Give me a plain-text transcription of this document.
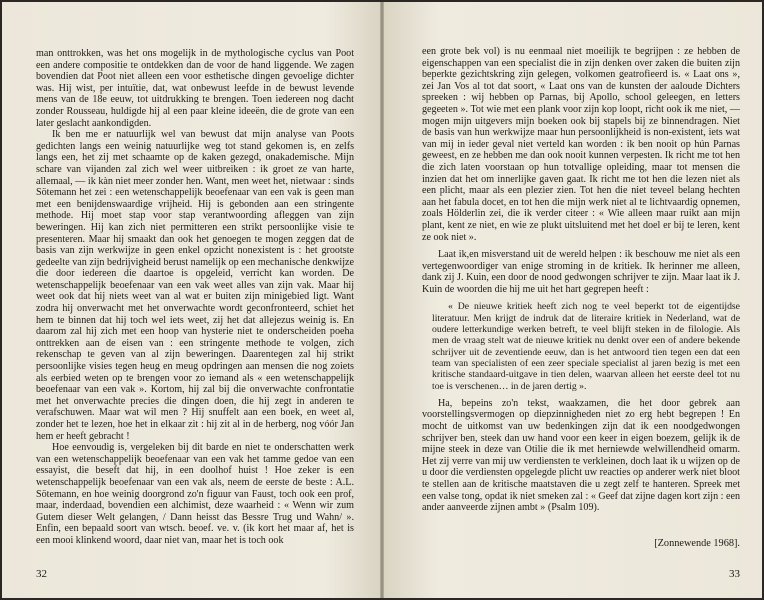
man onttrokken, was het ons mogelijk in de mythologische cyclus van Poot een andere compositie te ontdekken dan de voor de hand liggende. We zagen bovendien dat Poot niet alleen een voor esthetische dingen gevoelige dichter was. Hij wist, per intuïtie, dat, wat onbewust leefde in de bewust levende mens van de 18e eeuw, tot uitdrukking te brengen. Toen iedereen nog dacht zonder Rousseau, huldigde hij al een paar kleine ideeën, die de grote van een later geslacht aankondigden.

Ik ben me er natuurlijk wel van bewust dat mijn analyse van Poots gedichten langs een weinig natuurlijke weg tot stand gekomen is, en zelfs langs een, het zij met schaamte op de kaken gezegd, onakademische. Mijn schare van vijanden zal zich wel weer uitbreiken : ik groet ze van harte, allemaal, — ik kàn niet meer zonder hen. Want, men weet het, nietwaar : sinds Sötemann het zei : een wetenschappelijk beoefenaar van een vak is geen man met een benijdenswaardige vrijheid. Hij is gebonden aan een stringente methode. Hij moet stap voor stap verantwoording afleggen van zijn beweringen. Hij kan zich niet permitteren een strikt persoonlijke visie te presenteren. Maar hij smaakt dan ook het genoegen te mogen zeggen dat de basis van zijn werkwijze in geen enkel opzicht nonexistent is : het grootste gedeelte van zijn bedrijvigheid berust namelijk op een mechanische denkwijze die door iedereen die daartoe is opgeleid, verricht kan worden. De wetenschappelijk beoefenaar van een vak weet alles van zijn vak. Maar hij weet ook dat hij niets weet van al wat er buiten zijn minigebied ligt. Want zodra hij onverwacht met het onverwachte wordt geconfronteerd, schiet het hem te binnen dat hij toch wel iets weet, zij het dat allejezus weinig is. En daarom zal hij zich met een hoop van hysterie niet te onderscheiden poeha onttrekken aan de eisen van : een stringente methode te volgen, zich rekenschap te geven van al zijn beweringen. Daarentegen zal hij strikt persoonlijke visies tegen heug en meug opdringen aan mensen die nog zoiets als eerbied weten op te brengen voor zo iemand als « een wetenschappelijk beoefenaar van een vak ». Kortom, hij zal bij die onverwachte confrontatie met het onverwachte precies die dingen doen, die hij zegt in anderen te verafschuwen. Maar wat wil men ? Hij snuffelt aan een boek, en weet al, zonder het te lezen, hoe het in elkaar zit : hij zit al in de herberg, nog vóór Jan hem er heeft gebracht !

Hoe eenvoudig is, vergeleken bij dit barde en niet te onderschatten werk van een wetenschappelijk beoefenaar van een vak het tamme gedoe van een essayist, die beseft dat hij, in een doolhof huist ! Hoe zeker is een wetenschappelijk beoefenaar van een vak als, neem de eerste de beste : A.L. Sötemann, en hoe weinig doorgrond zo'n figuur van Faust, toch ook een prof, maar, inderdaad, bovendien een alchimist, deze waarheid : « Wenn wir zum Gutem dieser Welt gelangen, / Dann heisst das Bessre Trug und Wahn/ ». Enfin, een bepaald soort van wtsch. beoef. ve. v. (ik kort het maar af, het is een mooi klinkend woord, daar niet van, maar het is toch ook

32

een grote bek vol) is nu eenmaal niet moeilijk te begrijpen : ze hebben de eigenschappen van een specialist die in zijn denken over zaken die buiten zijn beperkte gezichtskring zijn gelegen, volkomen geatrofieerd is. « Laat ons », zei Jan Vos al tot dat soort, « Laat ons van de kunsten der aaloude Dichters spreeken : wij hebben op Parnas, bij Apollo, school geleegen, en letters gegeeten ». Tot wie met een plank voor zijn kop loopt, richt ook ik me niet, — mogen mijn uitgevers mijn boeken ook bij stapels bij ze binnendragen. Niet de basis van hun werkwijze maar hun persoonlijkheid is non-existent, iets wat van mij in ieder geval niet verteld kan worden : ik ben nooit op hún Parnas geweest, en ze hebben me dan ook nooit kunnen verpesten. Ik richt me tot hen die zich laten voorstaan op hun totvallige opleiding, maar tot mensen die inzien dat het om innerlijke gaven gaat. Ik richt me tot hen die lezen niet als een plicht, maar als een plezier zien. Tot hen die niet teveel belang hechten aan het fabula docet, en tot hen die mijn werk niet al te lichtvaardig opnemen, zoals Hölderlin zei, die ik verder citeer : « Wie alleen maar ruikt aan mijn plant, kent ze niet, en wie ze plukt uitsluitend met het doel er bij te leren, kent ze ook niet ».

Laat ik,en misverstand uit de wereld helpen : ik beschouw me niet als een vertegenwoordiger van enige stroming in de kritiek. Ik herinner me alleen, dank zij J. Kuin, een door de nood gedwongen schrijver te zijn. Maar laat ik J. Kuin de woorden die hij me uit het hart gegrepen heeft :

« De nieuwe kritiek heeft zich nog te veel beperkt tot de eigentijdse literatuur. Men krijgt de indruk dat de literaire kritiek in Nederland, wat de oudere letterkundige werken betreft, te veel blijft steken in de filologie. Als men de vraag stelt wat de nieuwe kritiek nu denkt over een of andere bekende schrijver uit de zeventiende eeuw, dan is het antwoord tien tegen een dat een team van specialisten of een zeer speciale specialist al jaren bezig is met een kritische standaard-uitgave in tien delen, waarvan alleen het eerste deel tot nu toe is verschenen… in de jaren dertig ».

Ha, bepeins zo'n tekst, waakzamen, die het door gebrek aan voorstellingsvermogen op diepzinnigheden niet zo erg hebt begrepen ! En mocht de uitkomst van uw bedenkingen zijn dat ik een noodgedwongen schrijver ben, steek dan uw hand voor een keer in eigen boezem, gelijk ik de mijne steek in deze van Otilie die ik met herniewde welwillendheid omarm. Het zij verre van mij uw verdiensten te verkleinen, doch laat ik u wijzen op de u door die verdiensten opgelegde plicht uw reacties op anderer werk niet bloot te stellen aan de kritische maatstaven die u zegt zelf te hanteren. Spreek met een valse tong, opdat ik niet smeken zal : « Geef dat zijne dagen kort zijn : een ander aanveerde zijnen ambt » (Psalm 109).

[Zonnewende 1968].
33
